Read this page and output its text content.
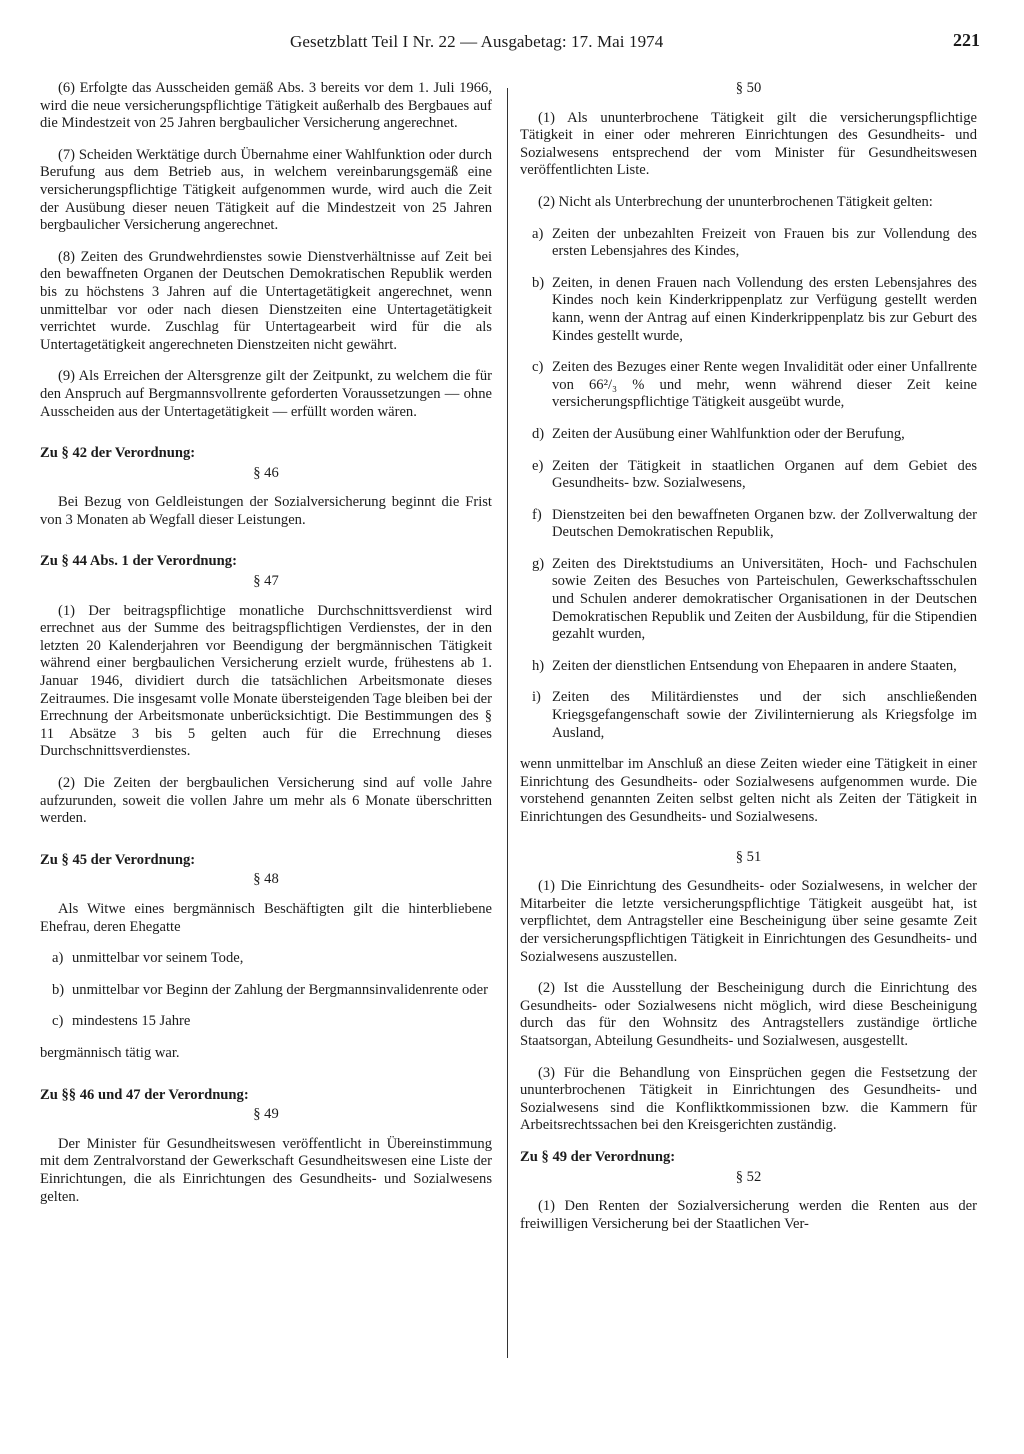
Gesetzblatt Teil I Nr. 22 — Ausgabetag: 17. Mai 1974	221

(6) Erfolgte das Ausscheiden gemäß Abs. 3 bereits vor dem 1. Juli 1966, wird die neue versicherungspflichtige Tätigkeit außerhalb des Bergbaues auf die Mindestzeit von 25 Jahren bergbaulicher Versicherung angerechnet.

(7) Scheiden Werktätige durch Übernahme einer Wahlfunktion oder durch Berufung aus dem Betrieb aus, in welchem vereinbarungsgemäß eine versicherungspflichtige Tätigkeit aufgenommen wurde, wird auch die Zeit der Ausübung dieser neuen Tätigkeit auf die Mindestzeit von 25 Jahren bergbaulicher Versicherung angerechnet.

(8) Zeiten des Grundwehrdienstes sowie Dienstverhältnisse auf Zeit bei den bewaffneten Organen der Deutschen Demokratischen Republik werden bis zu höchstens 3 Jahren auf die Untertagetätigkeit angerechnet, wenn unmittelbar vor oder nach diesen Dienstzeiten eine Untertagetätigkeit verrichtet wurde. Zuschlag für Untertagearbeit wird für die als Untertagetätigkeit angerechneten Dienstzeiten nicht gewährt.

(9) Als Erreichen der Altersgrenze gilt der Zeitpunkt, zu welchem die für den Anspruch auf Bergmannsvollrente geforderten Voraussetzungen — ohne Ausscheiden aus der Untertagetätigkeit — erfüllt worden wären.

Zu § 42 der Verordnung:

§ 46

Bei Bezug von Geldleistungen der Sozialversicherung beginnt die Frist von 3 Monaten ab Wegfall dieser Leistungen.

Zu § 44 Abs. 1 der Verordnung:

§ 47

(1) Der beitragspflichtige monatliche Durchschnittsverdienst wird errechnet aus der Summe des beitragspflichtigen Verdienstes, der in den letzten 20 Kalenderjahren vor Beendigung der bergmännischen Tätigkeit während einer bergbaulichen Versicherung erzielt wurde, frühestens ab 1. Januar 1946, dividiert durch die tatsächlichen Arbeitsmonate dieses Zeitraumes. Die insgesamt volle Monate übersteigenden Tage bleiben bei der Errechnung der Arbeitsmonate unberücksichtigt. Die Bestimmungen des § 11 Absätze 3 bis 5 gelten auch für die Errechnung dieses Durchschnittsverdienstes.

(2) Die Zeiten der bergbaulichen Versicherung sind auf volle Jahre aufzurunden, soweit die vollen Jahre um mehr als 6 Monate überschritten werden.

Zu § 45 der Verordnung:

§ 48

Als Witwe eines bergmännisch Beschäftigten gilt die hinterbliebene Ehefrau, deren Ehegatte

a) unmittelbar vor seinem Tode,
b) unmittelbar vor Beginn der Zahlung der Bergmannsinvalidenrente oder
c) mindestens 15 Jahre

bergmännisch tätig war.

Zu §§ 46 und 47 der Verordnung:

§ 49

Der Minister für Gesundheitswesen veröffentlicht in Übereinstimmung mit dem Zentralvorstand der Gewerkschaft Gesundheitswesen eine Liste der Einrichtungen, die als Einrichtungen des Gesundheits- und Sozialwesens gelten.

§ 50

(1) Als ununterbrochene Tätigkeit gilt die versicherungspflichtige Tätigkeit in einer oder mehreren Einrichtungen des Gesundheits- und Sozialwesens entsprechend der vom Minister für Gesundheitswesen veröffentlichten Liste.

(2) Nicht als Unterbrechung der ununterbrochenen Tätigkeit gelten:

a) Zeiten der unbezahlten Freizeit von Frauen bis zur Vollendung des ersten Lebensjahres des Kindes,
b) Zeiten, in denen Frauen nach Vollendung des ersten Lebensjahres des Kindes noch kein Kinderkrippenplatz zur Verfügung gestellt werden kann, wenn der Antrag auf einen Kinderkrippenplatz bis zur Geburt des Kindes gestellt wurde,
c) Zeiten des Bezuges einer Rente wegen Invalidität oder einer Unfallrente von 66²/₃ % und mehr, wenn während dieser Zeit keine versicherungspflichtige Tätigkeit ausgeübt wurde,
d) Zeiten der Ausübung einer Wahlfunktion oder der Berufung,
e) Zeiten der Tätigkeit in staatlichen Organen auf dem Gebiet des Gesundheits- bzw. Sozialwesens,
f) Dienstzeiten bei den bewaffneten Organen bzw. der Zollverwaltung der Deutschen Demokratischen Republik,
g) Zeiten des Direktstudiums an Universitäten, Hoch- und Fachschulen sowie Zeiten des Besuches von Parteischulen, Gewerkschaftsschulen und Schulen anderer demokratischer Organisationen in der Deutschen Demokratischen Republik und Zeiten der Ausbildung, für die Stipendien gezahlt wurden,
h) Zeiten der dienstlichen Entsendung von Ehepaaren in andere Staaten,
i) Zeiten des Militärdienstes und der sich anschließenden Kriegsgefangenschaft sowie der Zivilinternierung als Kriegsfolge im Ausland,

wenn unmittelbar im Anschluß an diese Zeiten wieder eine Tätigkeit in einer Einrichtung des Gesundheits- oder Sozialwesens aufgenommen wurde. Die vorstehend genannten Zeiten selbst gelten nicht als Zeiten der Tätigkeit in Einrichtungen des Gesundheits- und Sozialwesens.

§ 51

(1) Die Einrichtung des Gesundheits- oder Sozialwesens, in welcher der Mitarbeiter die letzte versicherungspflichtige Tätigkeit ausgeübt hat, ist verpflichtet, dem Antragsteller eine Bescheinigung über seine gesamte Zeit der versicherungspflichtigen Tätigkeit in Einrichtungen des Gesundheits- und Sozialwesens auszustellen.

(2) Ist die Ausstellung der Bescheinigung durch die Einrichtung des Gesundheits- oder Sozialwesens nicht möglich, wird diese Bescheinigung durch das für den Wohnsitz des Antragstellers zuständige örtliche Staatsorgan, Abteilung Gesundheits- und Sozialwesen, ausgestellt.

(3) Für die Behandlung von Einsprüchen gegen die Festsetzung der ununterbrochenen Tätigkeit in Einrichtungen des Gesundheits- und Sozialwesens sind die Konfliktkommissionen bzw. die Kammern für Arbeitsrechtssachen bei den Kreisgerichten zuständig.

Zu § 49 der Verordnung:

§ 52

(1) Den Renten der Sozialversicherung werden die Renten aus der freiwilligen Versicherung bei der Staatlichen Ver-
